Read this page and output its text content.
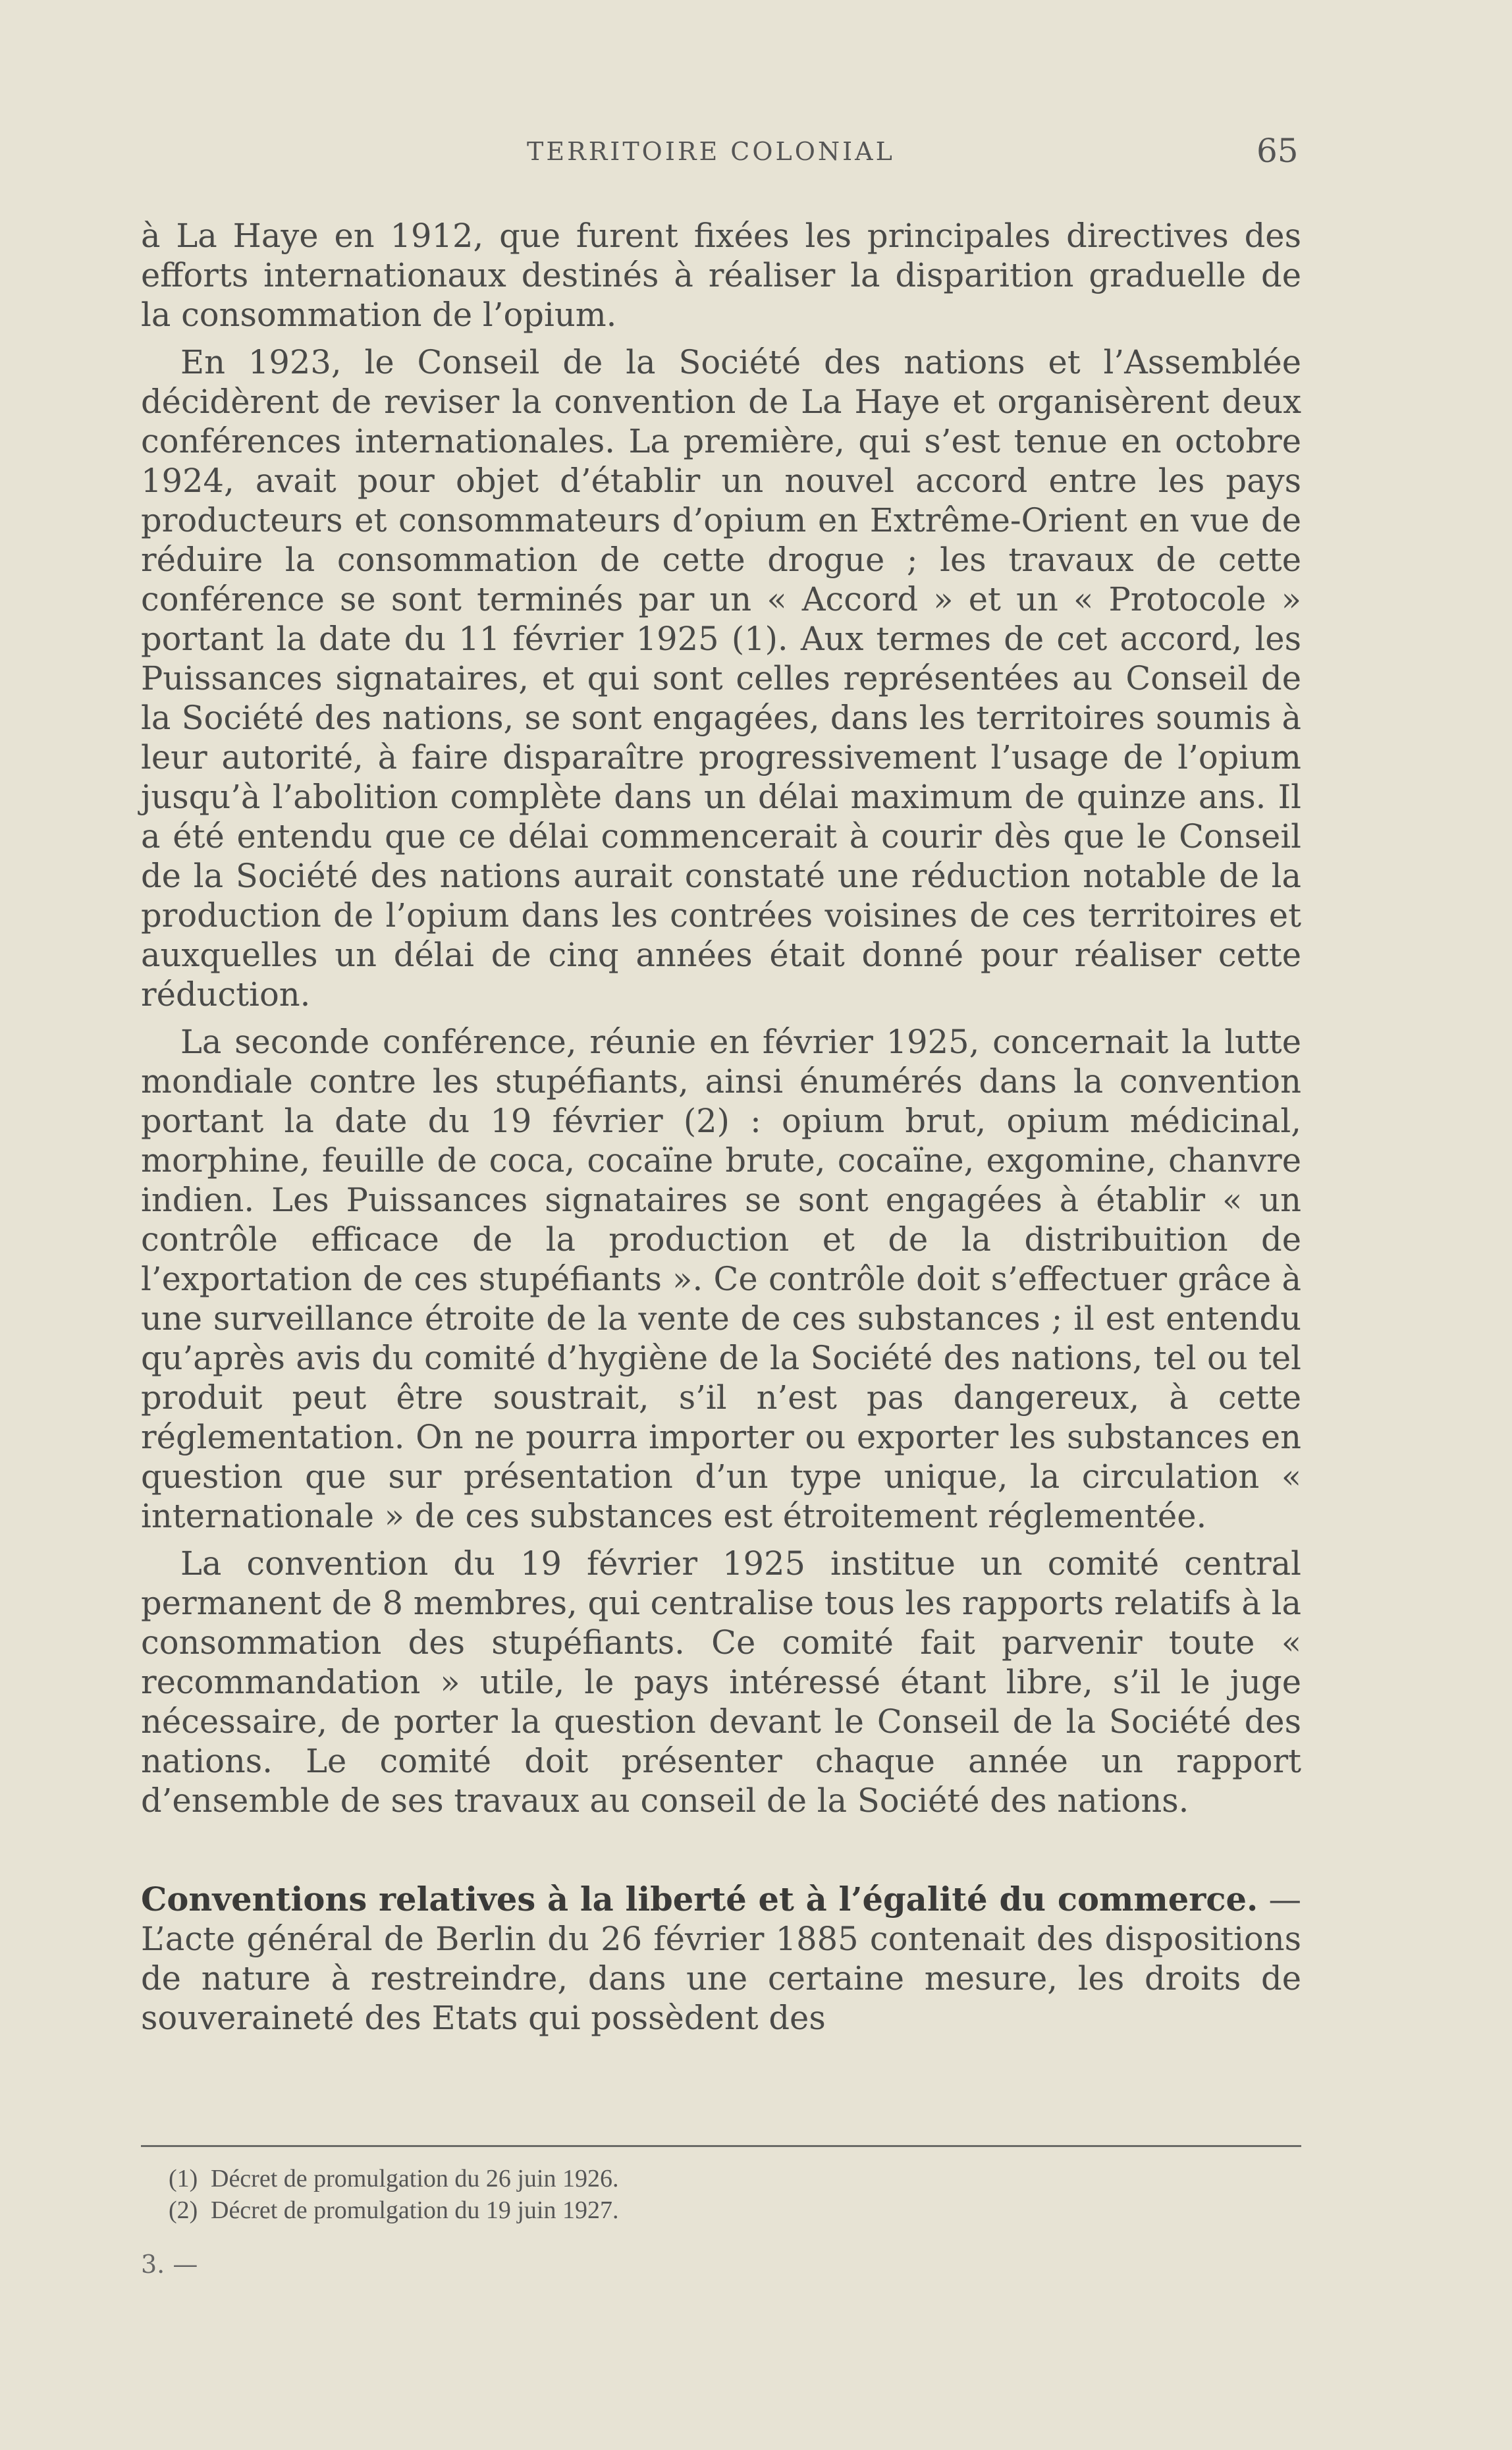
TERRITOIRE COLONIAL	65

à La Haye en 1912, que furent fixées les principales directives des efforts internationaux destinés à réaliser la disparition graduelle de la consommation de l’opium.

En 1923, le Conseil de la Société des nations et l’Assemblée décidèrent de reviser la convention de La Haye et organisèrent deux conférences internationales. La première, qui s’est tenue en octobre 1924, avait pour objet d’établir un nouvel accord entre les pays producteurs et consommateurs d’opium en Extrême-Orient en vue de réduire la consommation de cette drogue ; les travaux de cette conférence se sont terminés par un « Accord » et un « Protocole » portant la date du 11 février 1925 (1). Aux termes de cet accord, les Puissances signataires, et qui sont celles représentées au Conseil de la Société des nations, se sont engagées, dans les territoires soumis à leur autorité, à faire disparaître progressivement l’usage de l’opium jusqu’à l’abolition complète dans un délai maximum de quinze ans. Il a été entendu que ce délai commencerait à courir dès que le Conseil de la Société des nations aurait constaté une réduction notable de la production de l’opium dans les contrées voisines de ces territoires et auxquelles un délai de cinq années était donné pour réaliser cette réduction.

La seconde conférence, réunie en février 1925, concernait la lutte mondiale contre les stupéfiants, ainsi énumérés dans la convention portant la date du 19 février (2) : opium brut, opium médicinal, morphine, feuille de coca, cocaïne brute, cocaïne, exgomine, chanvre indien. Les Puissances signataires se sont engagées à établir « un contrôle efficace de la production et de la distribuition de l’exportation de ces stupéfiants ». Ce contrôle doit s’effectuer grâce à une surveillance étroite de la vente de ces substances ; il est entendu qu’après avis du comité d’hygiène de la Société des nations, tel ou tel produit peut être soustrait, s’il n’est pas dangereux, à cette réglementation. On ne pourra importer ou exporter les substances en question que sur présentation d’un type unique, la circulation « internationale » de ces substances est étroitement réglementée.

La convention du 19 février 1925 institue un comité central permanent de 8 membres, qui centralise tous les rapports relatifs à la consommation des stupéfiants. Ce comité fait parvenir toute « recommandation » utile, le pays intéressé étant libre, s’il le juge nécessaire, de porter la question devant le Conseil de la Société des nations. Le comité doit présenter chaque année un rapport d’ensemble de ses travaux au conseil de la Société des nations.

Conventions relatives à la liberté et à l’égalité du commerce. — L’acte général de Berlin du 26 février 1885 contenait des dispositions de nature à restreindre, dans une certaine mesure, les droits de souveraineté des Etats qui possèdent des

(1) Décret de promulgation du 26 juin 1926.
(2) Décret de promulgation du 19 juin 1927.
3. —
